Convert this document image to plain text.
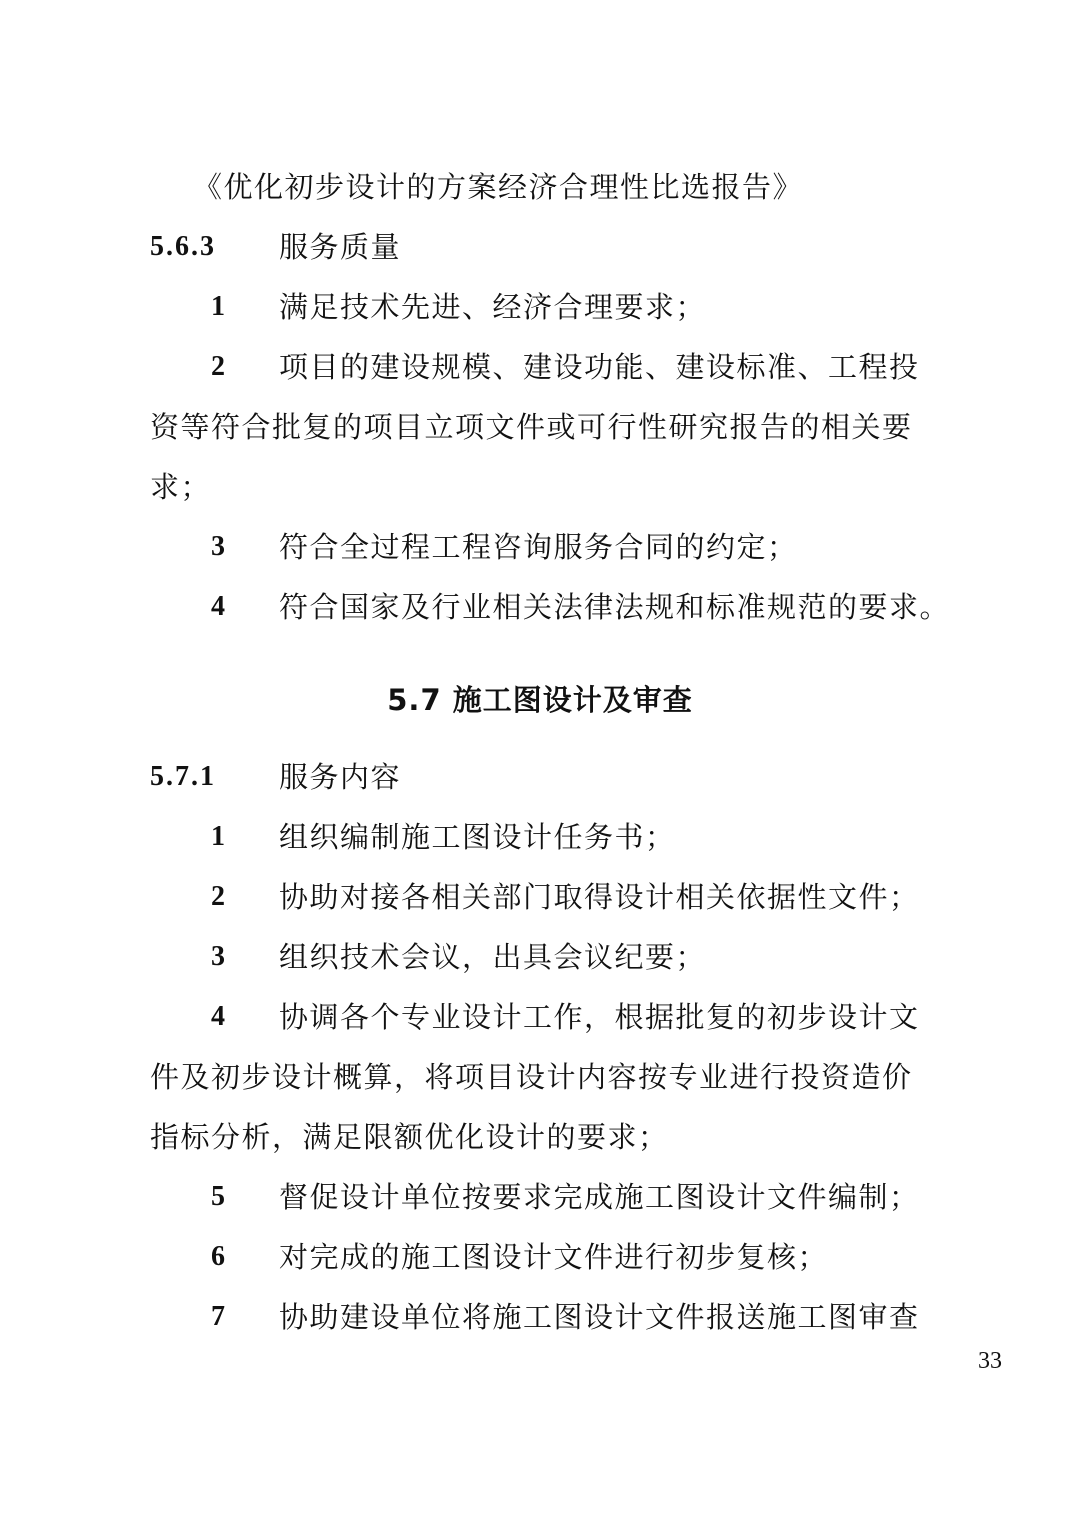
《优化初步设计的方案经济合理性比选报告》
5.6.3 服务质量
1 满足技术先进、经济合理要求；
2 项目的建设规模、建设功能、建设标准、工程投
资等符合批复的项目立项文件或可行性研究报告的相关要
求；
3 符合全过程工程咨询服务合同的约定；
4 符合国家及行业相关法律法规和标准规范的要求。
5.7 施工图设计及审查
5.7.1 服务内容
1 组织编制施工图设计任务书；
2 协助对接各相关部门取得设计相关依据性文件；
3 组织技术会议，出具会议纪要；
4 协调各个专业设计工作，根据批复的初步设计文
件及初步设计概算，将项目设计内容按专业进行投资造价
指标分析，满足限额优化设计的要求；
5 督促设计单位按要求完成施工图设计文件编制；
6 对完成的施工图设计文件进行初步复核；
7 协助建设单位将施工图设计文件报送施工图审查
33
